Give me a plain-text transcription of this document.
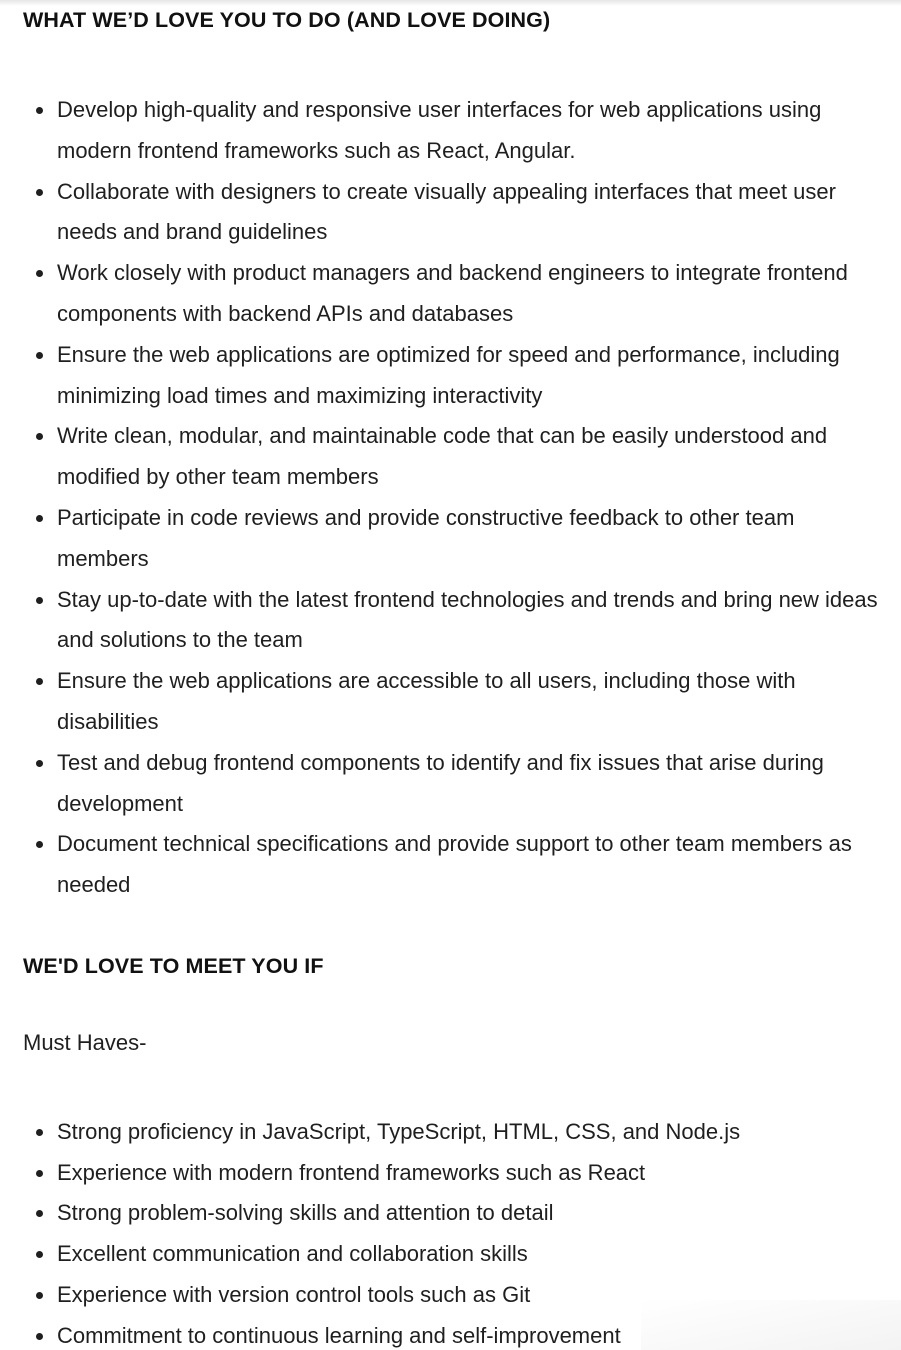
WHAT WE’D LOVE YOU TO DO (AND LOVE DOING)
Develop high-quality and responsive user interfaces for web applications using modern frontend frameworks such as React, Angular.
Collaborate with designers to create visually appealing interfaces that meet user needs and brand guidelines
Work closely with product managers and backend engineers to integrate frontend components with backend APIs and databases
Ensure the web applications are optimized for speed and performance, including minimizing load times and maximizing interactivity
Write clean, modular, and maintainable code that can be easily understood and modified by other team members
Participate in code reviews and provide constructive feedback to other team members
Stay up-to-date with the latest frontend technologies and trends and bring new ideas and solutions to the team
Ensure the web applications are accessible to all users, including those with disabilities
Test and debug frontend components to identify and fix issues that arise during development
Document technical specifications and provide support to other team members as needed
WE'D LOVE TO MEET YOU IF
Must Haves-
Strong proficiency in JavaScript, TypeScript, HTML, CSS, and Node.js
Experience with modern frontend frameworks such as React
Strong problem-solving skills and attention to detail
Excellent communication and collaboration skills
Experience with version control tools such as Git
Commitment to continuous learning and self-improvement
